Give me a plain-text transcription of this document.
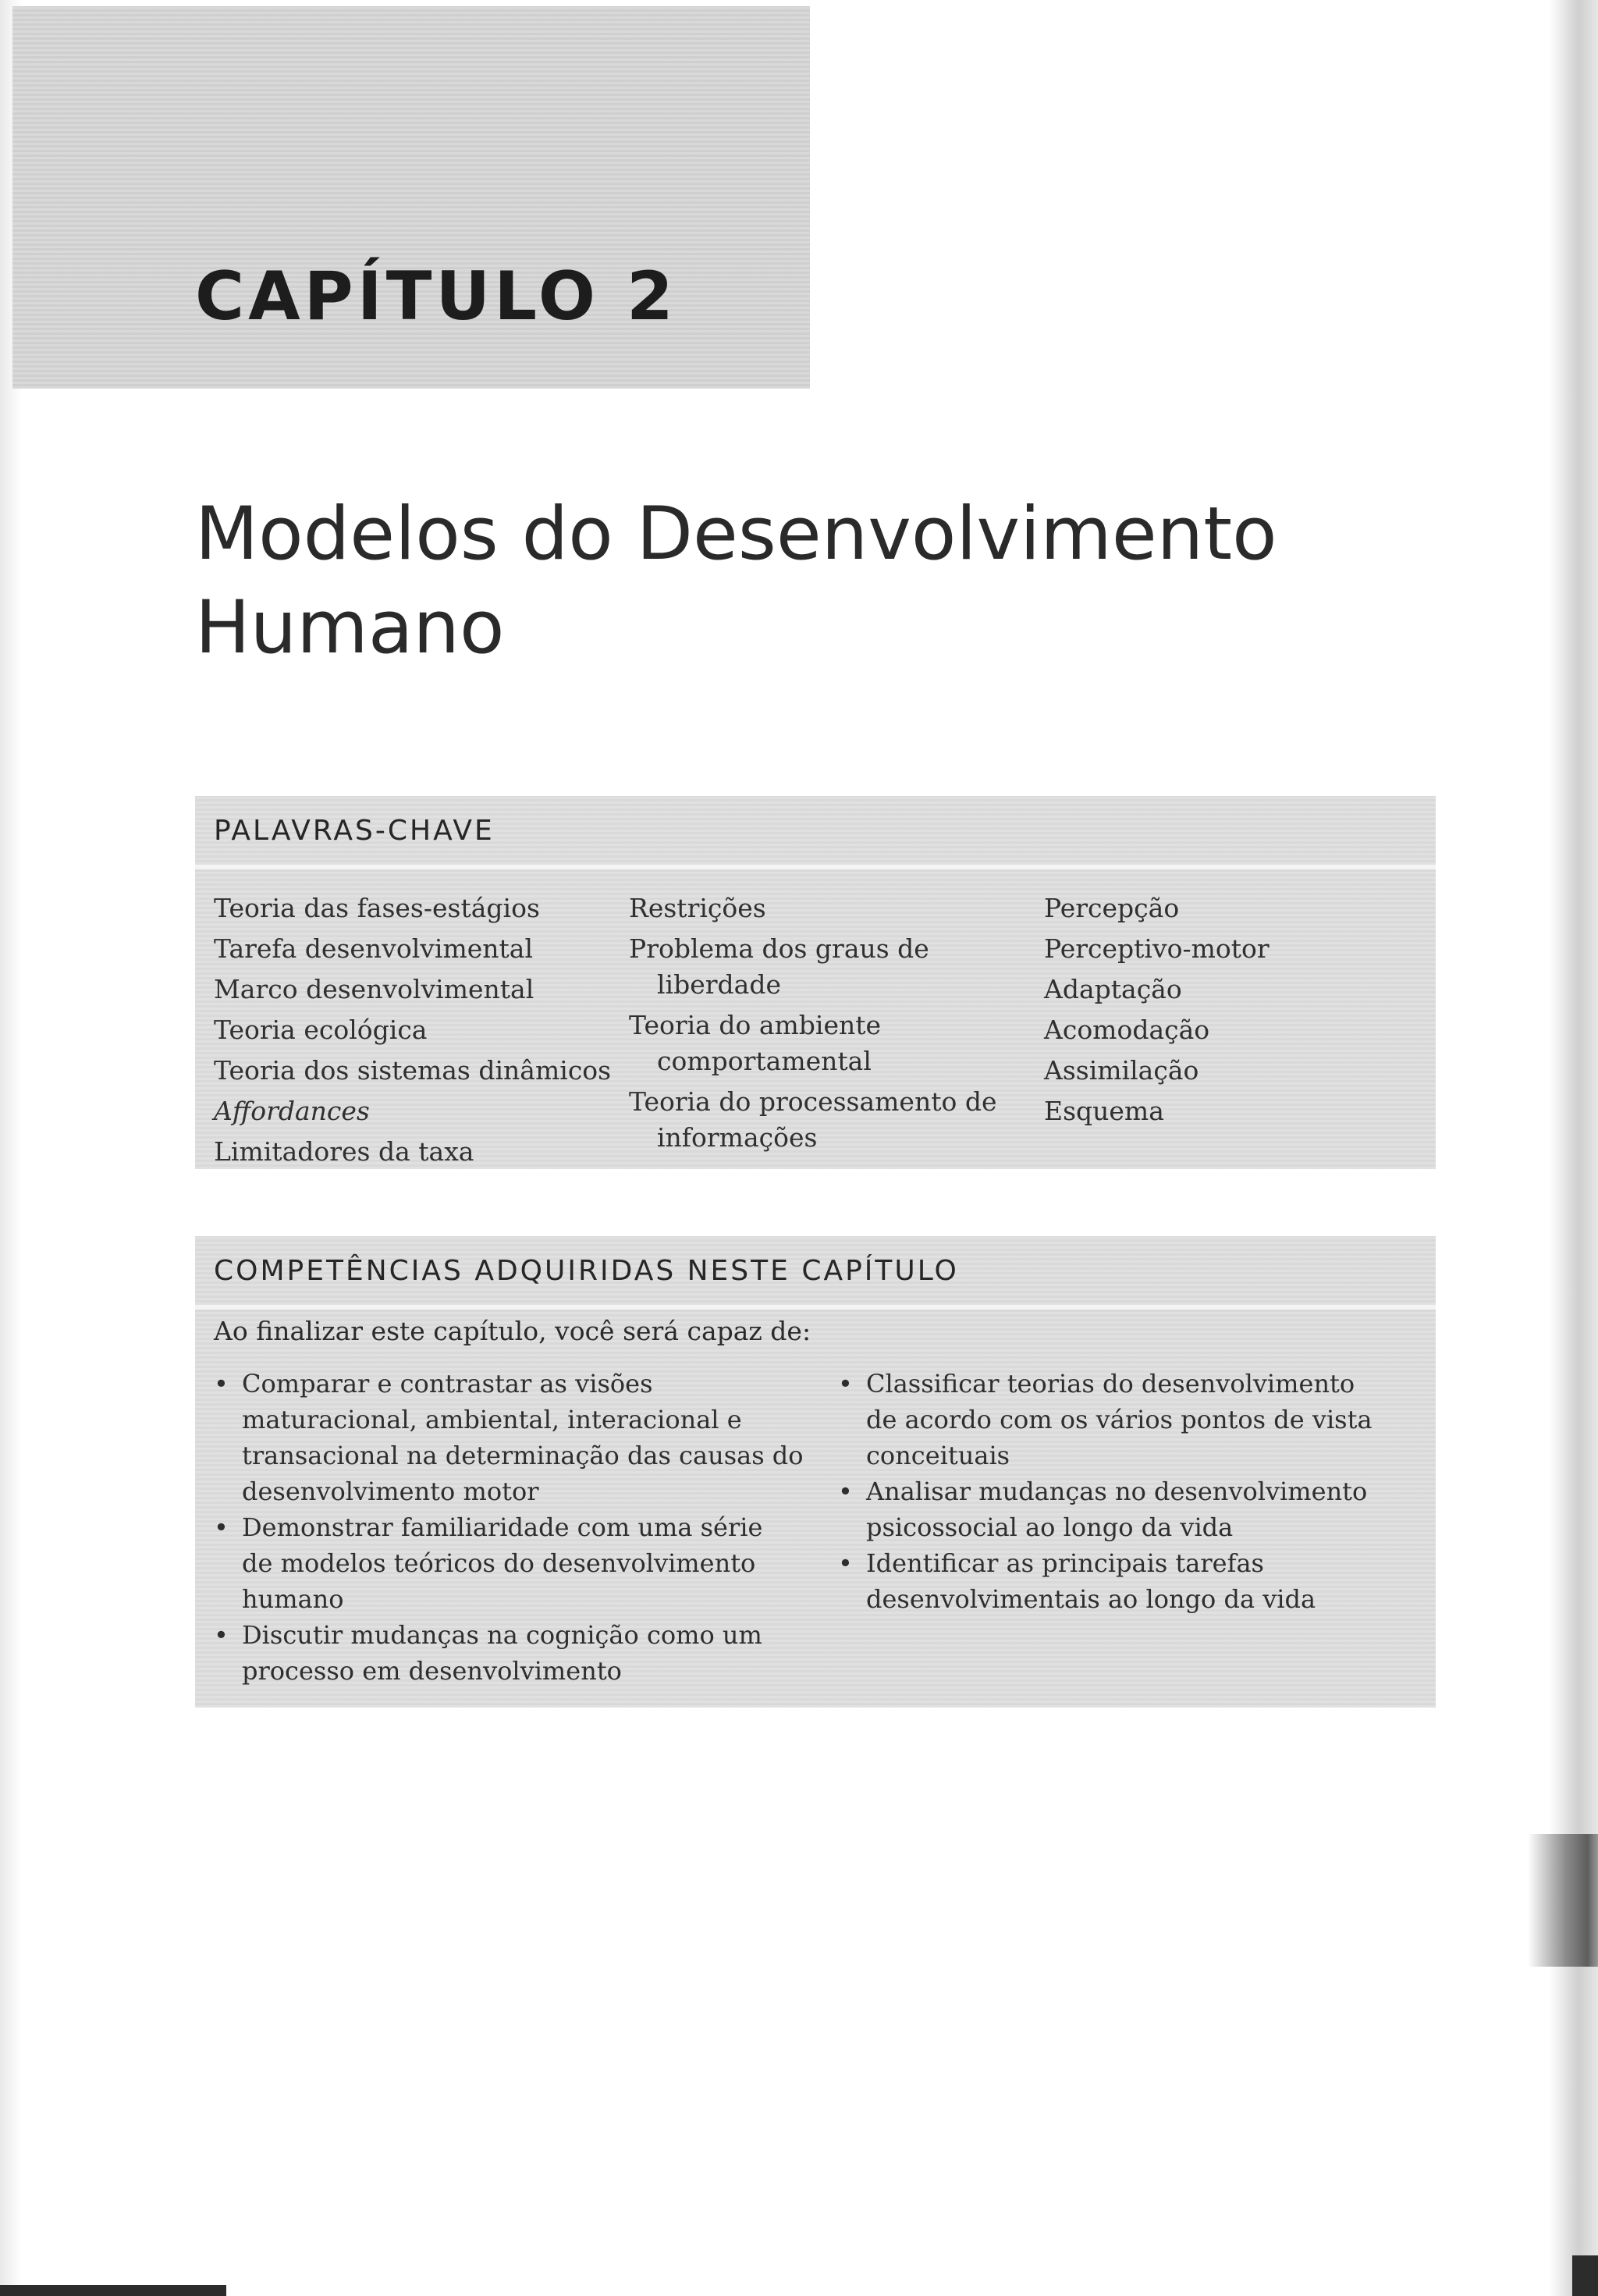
CAPÍTULO 2
Modelos do Desenvolvimento
Humano
PALAVRAS-CHAVE
Teoria das fases-estágios
Tarefa desenvolvimental
Marco desenvolvimental
Teoria ecológica
Teoria dos sistemas dinâmicos
Affordances
Limitadores da taxa
Restrições
Problema dos graus de
liberdade
Teoria do ambiente
comportamental
Teoria do processamento de
informações
Percepção
Perceptivo-motor
Adaptação
Acomodação
Assimilação
Esquema
COMPETÊNCIAS ADQUIRIDAS NESTE CAPÍTULO
Ao finalizar este capítulo, você será capaz de:
• Comparar e contrastar as visões
maturacional, ambiental, interacional e
transacional na determinação das causas do
desenvolvimento motor
• Demonstrar familiaridade com uma série
de modelos teóricos do desenvolvimento
humano
• Discutir mudanças na cognição como um
processo em desenvolvimento
• Classificar teorias do desenvolvimento
de acordo com os vários pontos de vista
conceituais
• Analisar mudanças no desenvolvimento
psicossocial ao longo da vida
• Identificar as principais tarefas
desenvolvimentais ao longo da vida
